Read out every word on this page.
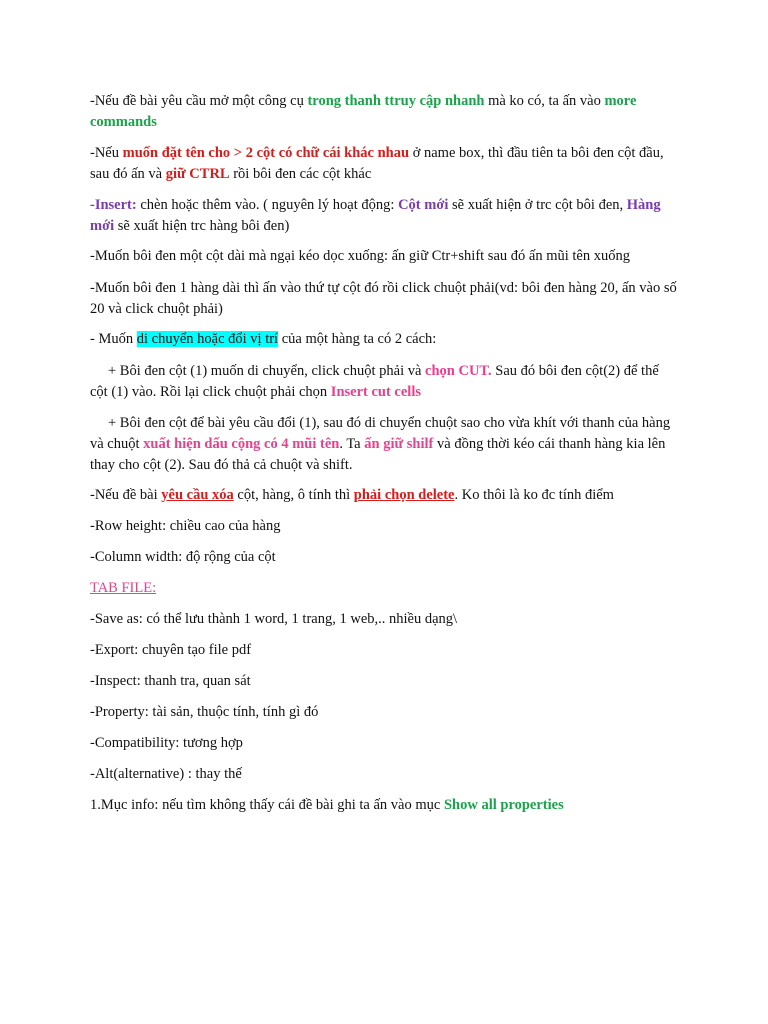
-Nếu đề bài yêu cầu mở một công cụ trong thanh ttruy cập nhanh mà ko có, ta ấn vào more commands

-Nếu muốn đặt tên cho > 2 cột có chữ cái khác nhau ở name box, thì đầu tiên ta bôi đen cột đầu, sau đó ấn và giữ CTRL rồi bôi đen các cột khác

-Insert: chèn hoặc thêm vào. ( nguyên lý hoạt động: Cột mới sẽ xuất hiện ở trc cột bôi đen, Hàng mới sẽ xuất hiện trc hàng bôi đen)

-Muốn bôi đen một cột dài mà ngại kéo dọc xuống: ấn giữ Ctr+shift sau đó ấn mũi tên xuống

-Muốn bôi đen 1 hàng dài thì ấn vào thứ tự cột đó rồi click chuột phải(vd: bôi đen hàng 20, ấn vào số 20 và click chuột phải)

- Muốn di chuyển hoặc đổi vị trí của một hàng ta có 2 cách:

+ Bôi đen cột (1) muốn di chuyển, click chuột phải và chọn CUT. Sau đó bôi đen cột(2) để thế cột (1) vào. Rồi lại click chuột phải chọn Insert cut cells

+ Bôi đen cột để bài yêu cầu đổi (1), sau đó di chuyển chuột sao cho vừa khít với thanh của hàng và chuột xuất hiện dấu cộng có 4 mũi tên. Ta ấn giữ shilf và đồng thời kéo cái thanh hàng kia lên thay cho cột (2). Sau đó thả cả chuột và shift.

-Nếu đề bài yêu cầu xóa cột, hàng, ô tính thì phải chọn delete. Ko thôi là ko đc tính điểm

-Row height: chiều cao của hàng

-Column width: độ rộng của cột

TAB FILE:

-Save as: có thể lưu thành 1 word, 1 trang, 1 web,.. nhiều dạng\

-Export: chuyên tạo file pdf

-Inspect: thanh tra, quan sát

-Property: tài sản, thuộc tính, tính gì đó

-Compatibility: tương hợp

-Alt(alternative) : thay thế

1.Mục info: nếu tìm không thấy cái đề bài ghi ta ấn vào mục Show all properties
